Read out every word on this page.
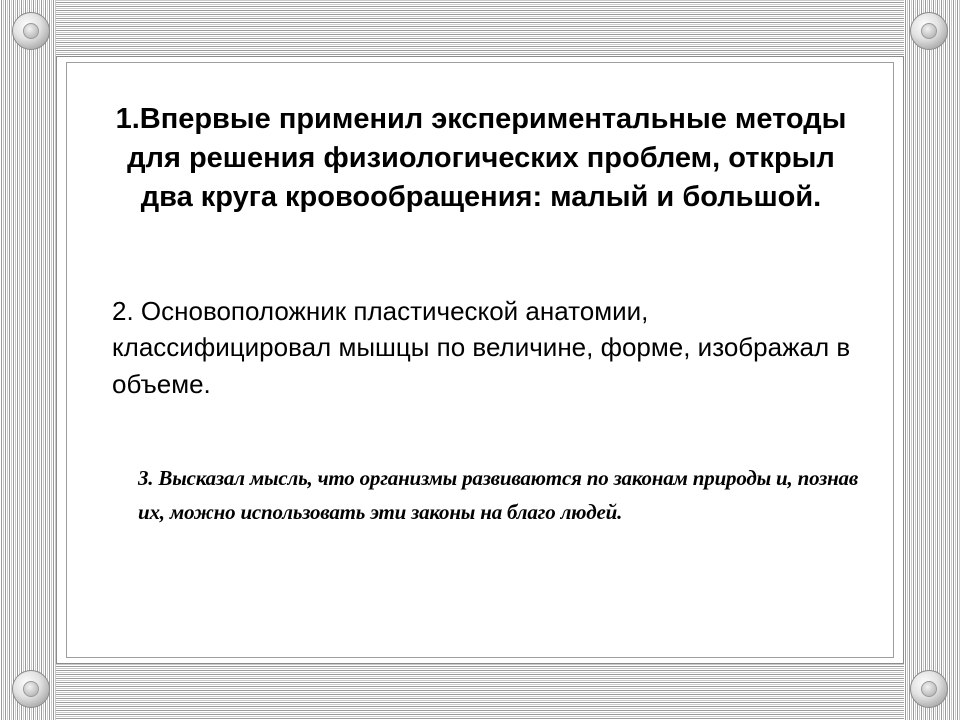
1.Впервые применил экспериментальные методы для решения физиологических проблем, открыл два круга кровообращения: малый и большой.

2. Основоположник пластической анатомии, классифицировал мышцы по величине, форме, изображал в объеме.

3. Высказал мысль, что организмы развиваются по законам природы и, познав их, можно использовать эти законы на благо людей.
